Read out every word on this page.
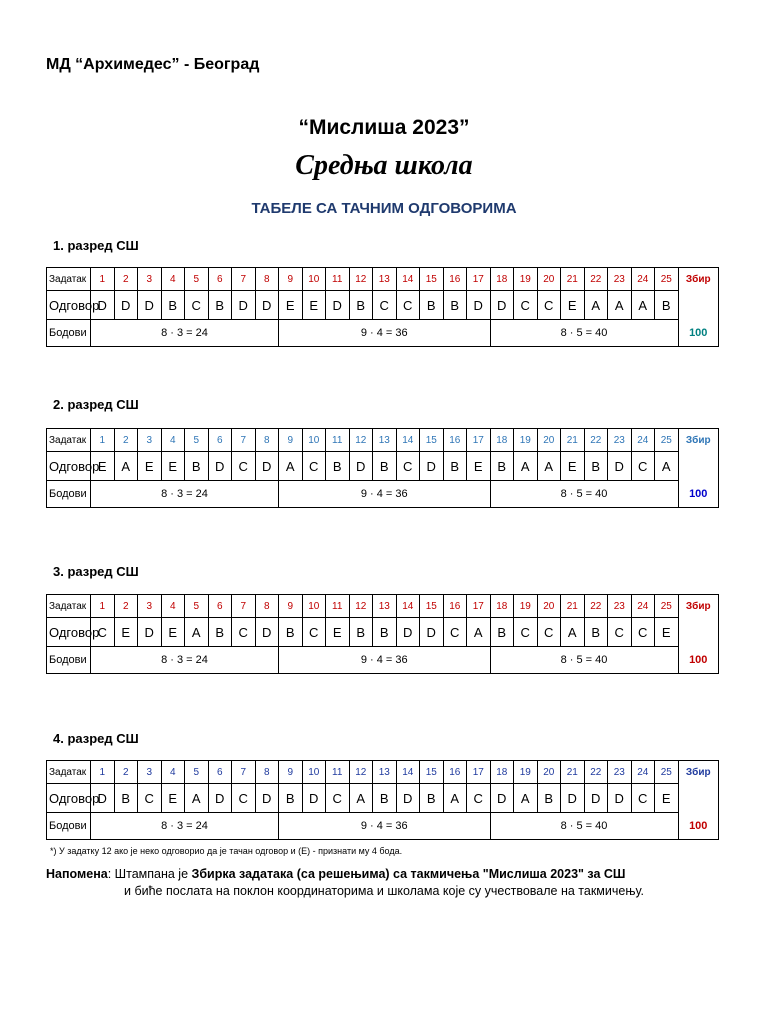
МД “Архимедес” - Београд
“Мислиша 2023”
Средња школа
ТАБЕЛЕ СА ТАЧНИМ ОДГОВОРИМА
1. разред СШ
Задатак	1	2	3	4	5	6	7	8	9	10	11	12	13	14	15	16	17	18	19	20	21	22	23	24	25	Збир
Одговор	D	D	D	B	C	B	D	D	E	E	D	B	C	C	B	B	D	D	C	C	E	A	A	A	B	
Бодови	8 · 3 = 24								9 · 4 = 36									8 · 5 = 40								100
2. разред СШ
Задатак	1	2	3	4	5	6	7	8	9	10	11	12	13	14	15	16	17	18	19	20	21	22	23	24	25	Збир
Одговор	E	A	E	E	B	D	C	D	A	C	B	D	B	C	D	B	E	B	A	A	E	B	D	C	A	
Бодови	8 · 3 = 24								9 · 4 = 36									8 · 5 = 40								100
3. разред СШ
Задатак	1	2	3	4	5	6	7	8	9	10	11	12	13	14	15	16	17	18	19	20	21	22	23	24	25	Збир
Одговор	C	E	D	E	A	B	C	D	B	C	E	B	B	D	D	C	A	B	C	C	A	B	C	C	E	
Бодови	8 · 3 = 24								9 · 4 = 36									8 · 5 = 40								100
4. разред СШ
Задатак	1	2	3	4	5	6	7	8	9	10	11	12	13	14	15	16	17	18	19	20	21	22	23	24	25	Збир
Одговор	D	B	C	E	A	D	C	D	B	D	C	A	B	D	B	A	C	D	A	B	D	D	D	C	E	
Бодови	8 · 3 = 24								9 · 4 = 36									8 · 5 = 40								100
*) У задатку 12 ако је неко одговорио да је тачан одговор и (Е) - признати му 4 бода.
Напомена: Штампана је Збирка задатака (са решењима) са такмичења "Мислиша 2023" за СШ
и биће послата на поклон координаторима и школама које су учествовале на такмичењу.
